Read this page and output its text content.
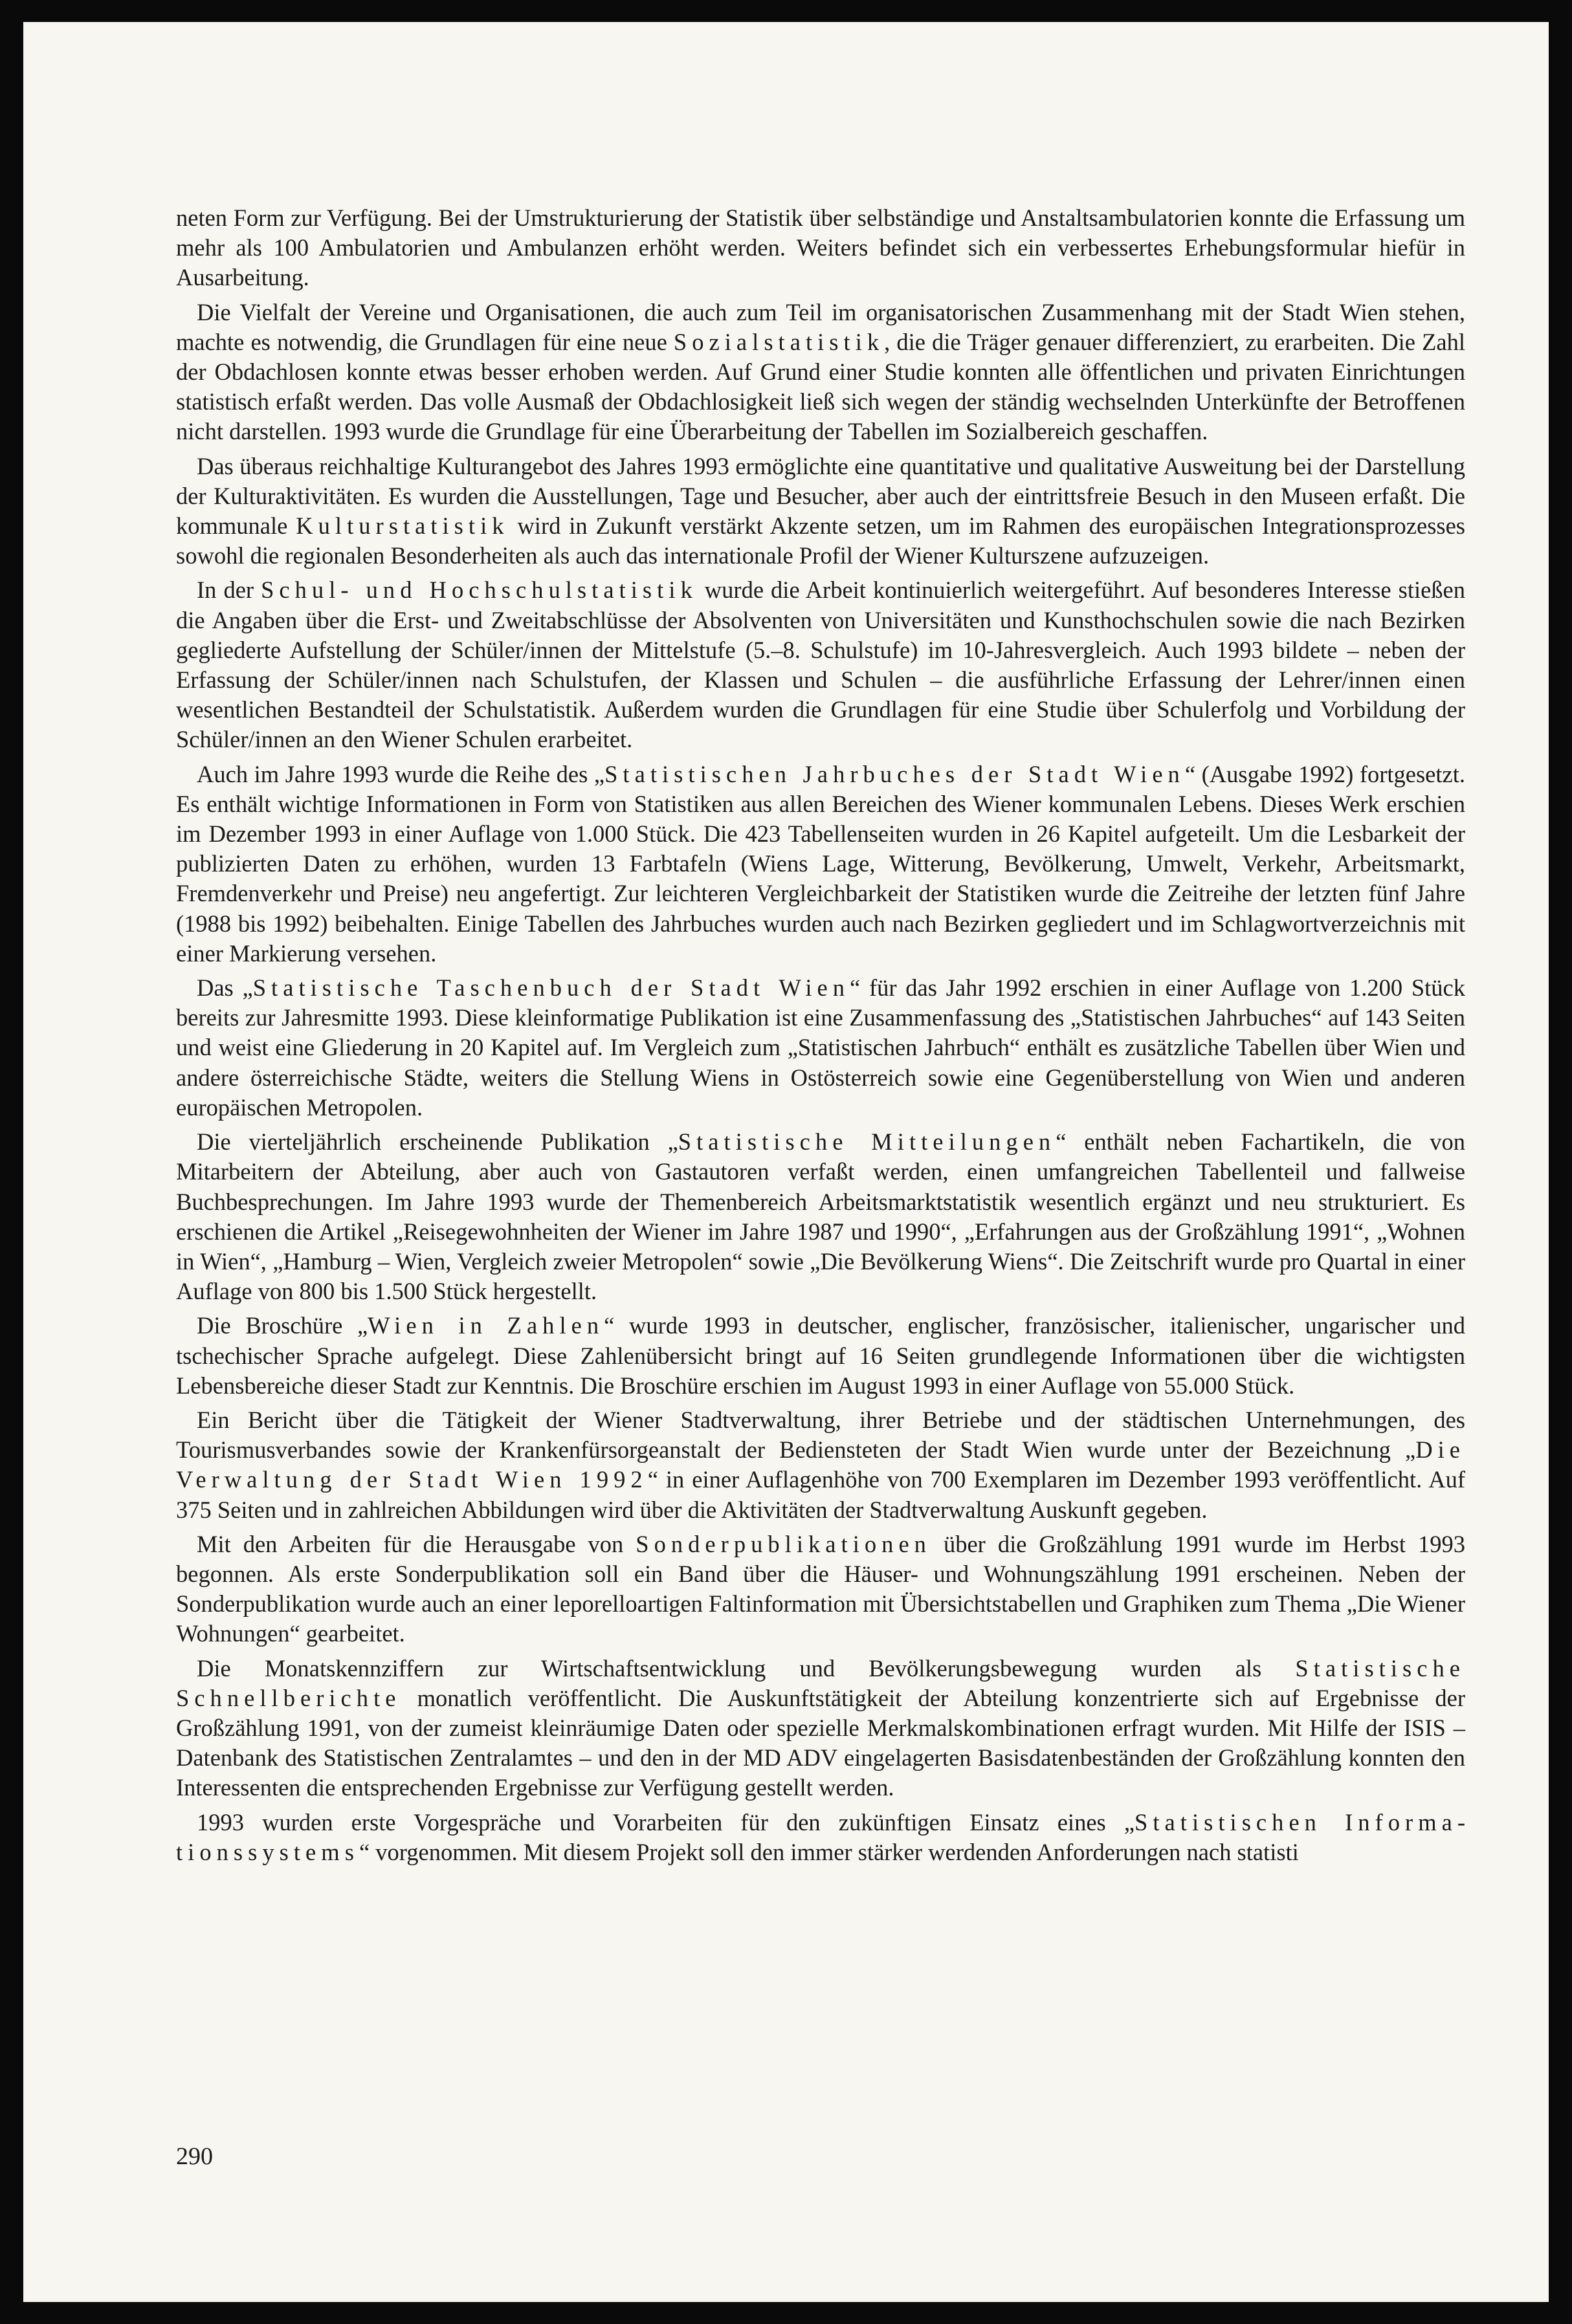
neten Form zur Verfügung. Bei der Umstrukturierung der Statistik über selbständige und Anstaltsambulatorien konnte die Erfassung um mehr als 100 Ambulatorien und Ambulanzen erhöht werden. Weiters befindet sich ein verbessertes Erhebungsformular hiefür in Ausarbeitung.

Die Vielfalt der Vereine und Organisationen, die auch zum Teil im organisatorischen Zusammenhang mit der Stadt Wien stehen, machte es notwendig, die Grundlagen für eine neue Sozialstatistik, die die Träger genauer differenziert, zu erarbeiten. Die Zahl der Obdachlosen konnte etwas besser erhoben werden. Auf Grund einer Studie konnten alle öffentlichen und privaten Einrichtungen statistisch erfaßt werden. Das volle Ausmaß der Obdachlosigkeit ließ sich wegen der ständig wechselnden Unterkünfte der Betroffenen nicht darstellen. 1993 wurde die Grundlage für eine Überarbeitung der Tabellen im Sozialbereich geschaffen.

Das überaus reichhaltige Kulturangebot des Jahres 1993 ermöglichte eine quantitative und qualitative Ausweitung bei der Darstellung der Kulturaktivitäten. Es wurden die Ausstellungen, Tage und Besucher, aber auch der eintrittsfreie Besuch in den Museen erfaßt. Die kommunale Kulturstatistik wird in Zukunft verstärkt Akzente setzen, um im Rahmen des europäischen Integrationsprozesses sowohl die regionalen Besonderheiten als auch das internationale Profil der Wiener Kulturszene aufzuzeigen.

In der Schul- und Hochschulstatistik wurde die Arbeit kontinuierlich weitergeführt. Auf besonderes Interesse stießen die Angaben über die Erst- und Zweitabschlüsse der Absolventen von Universitäten und Kunsthochschulen sowie die nach Bezirken gegliederte Aufstellung der Schüler/innen der Mittelstufe (5.–8. Schulstufe) im 10-Jahresvergleich. Auch 1993 bildete – neben der Erfassung der Schüler/innen nach Schulstufen, der Klassen und Schulen – die ausführliche Erfassung der Lehrer/innen einen wesentlichen Bestandteil der Schulstatistik. Außerdem wurden die Grundlagen für eine Studie über Schulerfolg und Vorbildung der Schüler/innen an den Wiener Schulen erarbeitet.

Auch im Jahre 1993 wurde die Reihe des „Statistischen Jahrbuches der Stadt Wien“ (Ausgabe 1992) fortgesetzt. Es enthält wichtige Informationen in Form von Statistiken aus allen Bereichen des Wiener kommunalen Lebens. Dieses Werk erschien im Dezember 1993 in einer Auflage von 1.000 Stück. Die 423 Tabellenseiten wurden in 26 Kapitel aufgeteilt. Um die Lesbarkeit der publizierten Daten zu erhöhen, wurden 13 Farbtafeln (Wiens Lage, Witterung, Bevölkerung, Umwelt, Verkehr, Arbeitsmarkt, Fremdenverkehr und Preise) neu angefertigt. Zur leichteren Vergleichbarkeit der Statistiken wurde die Zeitreihe der letzten fünf Jahre (1988 bis 1992) beibehalten. Einige Tabellen des Jahrbuches wurden auch nach Bezirken gegliedert und im Schlagwortverzeichnis mit einer Markierung versehen.

Das „Statistische Taschenbuch der Stadt Wien“ für das Jahr 1992 erschien in einer Auflage von 1.200 Stück bereits zur Jahresmitte 1993. Diese kleinformatige Publikation ist eine Zusammenfassung des „Statistischen Jahrbuches“ auf 143 Seiten und weist eine Gliederung in 20 Kapitel auf. Im Vergleich zum „Statistischen Jahrbuch“ enthält es zusätzliche Tabellen über Wien und andere österreichische Städte, weiters die Stellung Wiens in Ostösterreich sowie eine Gegenüberstellung von Wien und anderen europäischen Metropolen.

Die vierteljährlich erscheinende Publikation „Statistische Mitteilungen“ enthält neben Fachartikeln, die von Mitarbeitern der Abteilung, aber auch von Gastautoren verfaßt werden, einen umfangreichen Tabellenteil und fallweise Buchbesprechungen. Im Jahre 1993 wurde der Themenbereich Arbeitsmarktstatistik wesentlich ergänzt und neu strukturiert. Es erschienen die Artikel „Reisegewohnheiten der Wiener im Jahre 1987 und 1990“, „Erfahrungen aus der Großzählung 1991“, „Wohnen in Wien“, „Hamburg – Wien, Vergleich zweier Metropolen“ sowie „Die Bevölkerung Wiens“. Die Zeitschrift wurde pro Quartal in einer Auflage von 800 bis 1.500 Stück hergestellt.

Die Broschüre „Wien in Zahlen“ wurde 1993 in deutscher, englischer, französischer, italienischer, ungarischer und tschechischer Sprache aufgelegt. Diese Zahlenübersicht bringt auf 16 Seiten grundlegende Informationen über die wichtigsten Lebensbereiche dieser Stadt zur Kenntnis. Die Broschüre erschien im August 1993 in einer Auflage von 55.000 Stück.

Ein Bericht über die Tätigkeit der Wiener Stadtverwaltung, ihrer Betriebe und der städtischen Unternehmungen, des Tourismusverbandes sowie der Krankenfürsorgeanstalt der Bediensteten der Stadt Wien wurde unter der Bezeichnung „Die Verwaltung der Stadt Wien 1992“ in einer Auflagenhöhe von 700 Exemplaren im Dezember 1993 veröffentlicht. Auf 375 Seiten und in zahlreichen Abbildungen wird über die Aktivitäten der Stadtverwaltung Auskunft gegeben.

Mit den Arbeiten für die Herausgabe von Sonderpublikationen über die Großzählung 1991 wurde im Herbst 1993 begonnen. Als erste Sonderpublikation soll ein Band über die Häuser- und Wohnungszählung 1991 erscheinen. Neben der Sonderpublikation wurde auch an einer leporelloartigen Faltinformation mit Übersichtstabellen und Graphiken zum Thema „Die Wiener Wohnungen“ gearbeitet.

Die Monatskennziffern zur Wirtschaftsentwicklung und Bevölkerungsbewegung wurden als Statistische Schnellberichte monatlich veröffentlicht. Die Auskunftstätigkeit der Abteilung konzentrierte sich auf Ergebnisse der Großzählung 1991, von der zumeist kleinräumige Daten oder spezielle Merkmalskombinationen erfragt wurden. Mit Hilfe der ISIS – Datenbank des Statistischen Zentralamtes – und den in der MD ADV eingelagerten Basisdatenbeständen der Großzählung konnten den Interessenten die entsprechenden Ergebnisse zur Verfügung gestellt werden.

1993 wurden erste Vorgespräche und Vorarbeiten für den zukünftigen Einsatz eines „Statistischen Informationssystems“ vorgenommen. Mit diesem Projekt soll den immer stärker werdenden Anforderungen nach statisti

290
